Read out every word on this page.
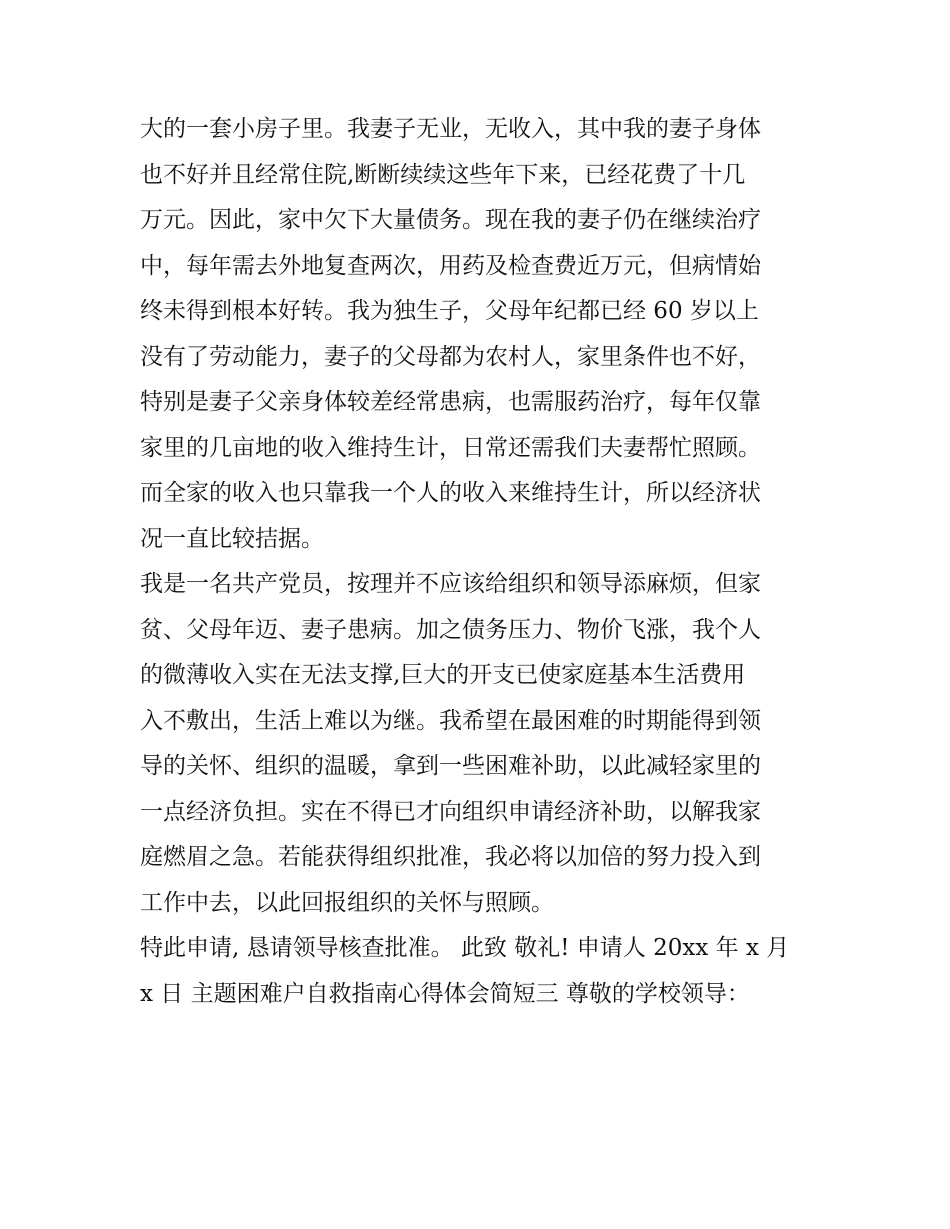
大的一套小房子里。我妻子无业，无收入，其中我的妻子身体
也不好并且经常住院,断断续续这些年下来，已经花费了十几
万元。因此，家中欠下大量债务。现在我的妻子仍在继续治疗
中，每年需去外地复查两次，用药及检查费近万元，但病情始
终未得到根本好转。我为独生子，父母年纪都已经 60 岁以上
没有了劳动能力，妻子的父母都为农村人，家里条件也不好，
特别是妻子父亲身体较差经常患病，也需服药治疗，每年仅靠
家里的几亩地的收入维持生计，日常还需我们夫妻帮忙照顾。
而全家的收入也只靠我一个人的收入来维持生计，所以经济状
况一直比较拮据。
我是一名共产党员，按理并不应该给组织和领导添麻烦，但家
贫、父母年迈、妻子患病。加之债务压力、物价飞涨，我个人
的微薄收入实在无法支撑,巨大的开支已使家庭基本生活费用
入不敷出，生活上难以为继。我希望在最困难的时期能得到领
导的关怀、组织的温暖，拿到一些困难补助，以此减轻家里的
一点经济负担。实在不得已才向组织申请经济补助，以解我家
庭燃眉之急。若能获得组织批准，我必将以加倍的努力投入到
工作中去，以此回报组织的关怀与照顾。
特此申请, 恳请领导核查批准。 此致 敬礼! 申请人 20xx 年 x 月
x 日 主题困难户自救指南心得体会简短三 尊敬的学校领导：
